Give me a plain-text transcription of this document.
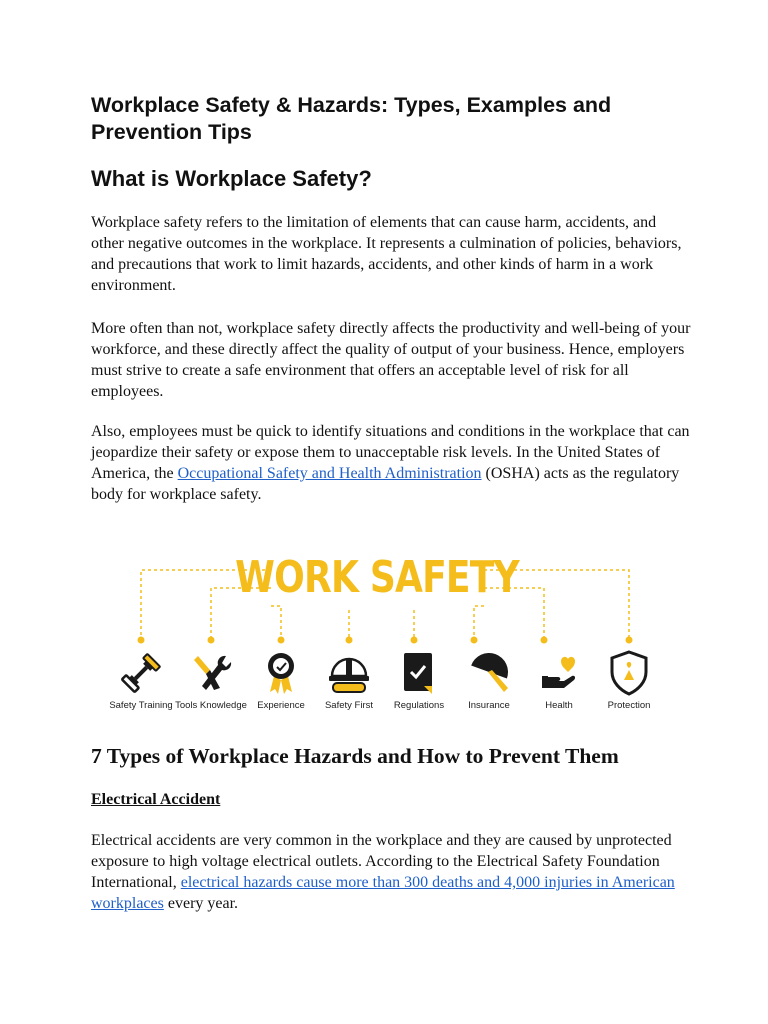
Workplace Safety & Hazards: Types, Examples and Prevention Tips
What is Workplace Safety?

Workplace safety refers to the limitation of elements that can cause harm, accidents, and other negative outcomes in the workplace. It represents a culmination of policies, behaviors, and precautions that work to limit hazards, accidents, and other kinds of harm in a work environment.

More often than not, workplace safety directly affects the productivity and well-being of your workforce, and these directly affect the quality of output of your business. Hence, employers must strive to create a safe environment that offers an acceptable level of risk for all employees.

Also, employees must be quick to identify situations and conditions in the workplace that can jeopardize their safety or expose them to unacceptable risk levels. In the United States of America, the Occupational Safety and Health Administration (OSHA) acts as the regulatory body for workplace safety.

WORK SAFETY
Safety Training Tools Knowledge	Experience	Safety First	Regulations	Insurance	Health	Protection
7 Types of Workplace Hazards and How to Prevent Them
Electrical Accident

Electrical accidents are very common in the workplace and they are caused by unprotected exposure to high voltage electrical outlets. According to the Electrical Safety Foundation International, electrical hazards cause more than 300 deaths and 4,000 injuries in American workplaces every year.
